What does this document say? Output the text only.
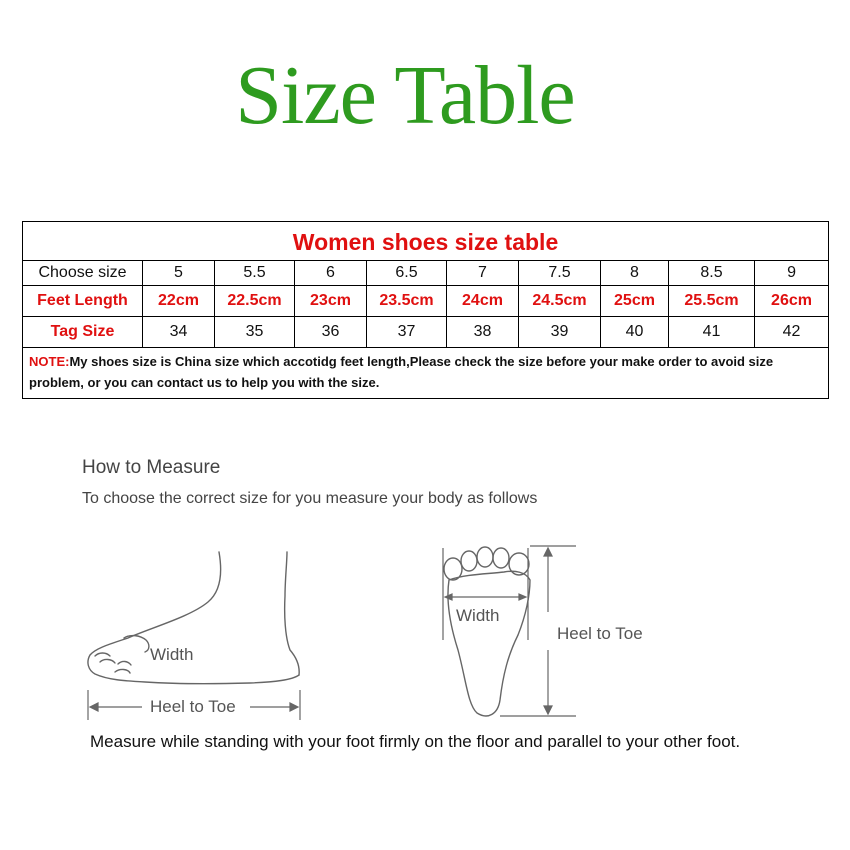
Size Table
Women shoes size table									
Choose size	5	5.5	6	6.5	7	7.5	8	8.5	9
Feet Length	22cm	22.5cm	23cm	23.5cm	24cm	24.5cm	25cm	25.5cm	26cm
Tag Size	34	35	36	37	38	39	40	41	42
NOTE:My shoes size is China size which accotidg feet length,Please check the size before your make order to avoid size problem, or you can contact us to help you with the size.									
How to Measure
To choose the correct size for you measure your body as follows
Width
Heel to Toe
Width
Heel to Toe
Measure while standing with your foot firmly on the floor and parallel to your other foot.
